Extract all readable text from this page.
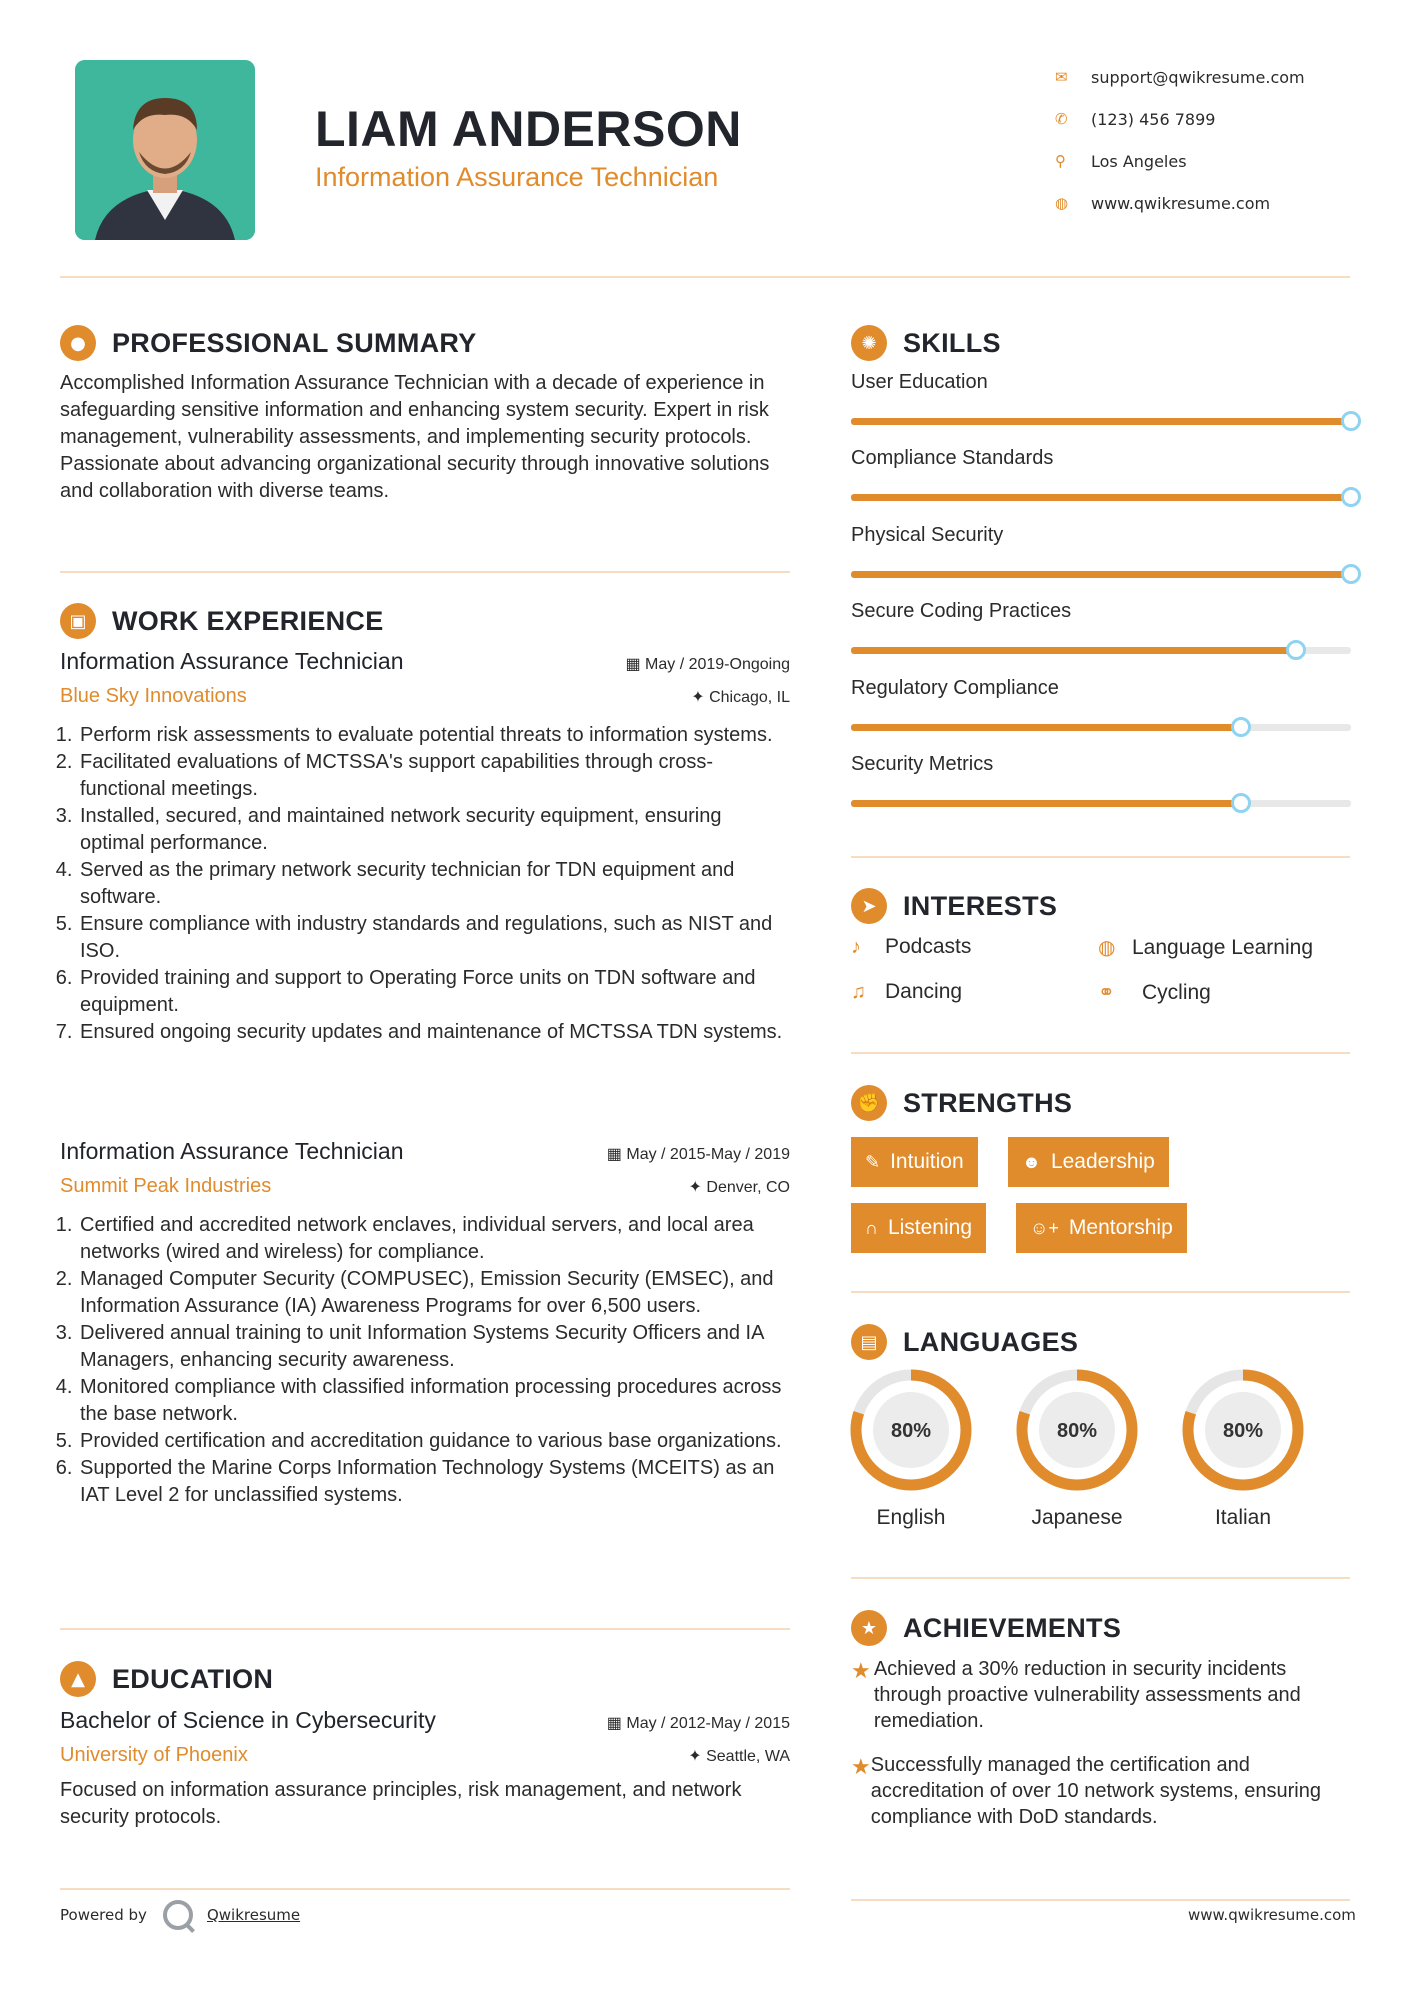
LIAM ANDERSON
Information Assurance Technician
✉	support@qwikresume.com
✆	(123) 456 7899
⚲	Los Angeles
◍	www.qwikresume.com
● PROFESSIONAL SUMMARY
Accomplished Information Assurance Technician with a decade of experience in safeguarding sensitive information and enhancing system security. Expert in risk management, vulnerability assessments, and implementing security protocols. Passionate about advancing organizational security through innovative solutions and collaboration with diverse teams.
▣ WORK EXPERIENCE
Information Assurance Technician	▦ May / 2019-Ongoing
Blue Sky Innovations	✦ Chicago, IL
1. Perform risk assessments to evaluate potential threats to information systems.
2. Facilitated evaluations of MCTSSA's support capabilities through cross-functional meetings.
3. Installed, secured, and maintained network security equipment, ensuring optimal performance.
4. Served as the primary network security technician for TDN equipment and software.
5. Ensure compliance with industry standards and regulations, such as NIST and ISO.
6. Provided training and support to Operating Force units on TDN software and equipment.
7. Ensured ongoing security updates and maintenance of MCTSSA TDN systems.
Information Assurance Technician	▦ May / 2015-May / 2019
Summit Peak Industries	✦ Denver, CO
1. Certified and accredited network enclaves, individual servers, and local area networks (wired and wireless) for compliance.
2. Managed Computer Security (COMPUSEC), Emission Security (EMSEC), and Information Assurance (IA) Awareness Programs for over 6,500 users.
3. Delivered annual training to unit Information Systems Security Officers and IA Managers, enhancing security awareness.
4. Monitored compliance with classified information processing procedures across the base network.
5. Provided certification and accreditation guidance to various base organizations.
6. Supported the Marine Corps Information Technology Systems (MCEITS) as an IAT Level 2 for unclassified systems.
▲	EDUCATION
Bachelor of Science in Cybersecurity	▦ May / 2012-May / 2015
University of Phoenix	✦ Seattle, WA
Focused on information assurance principles, risk management, and network security protocols.
✺ SKILLS
User Education
Compliance Standards
Physical Security
Secure Coding Practices
Regulatory Compliance
Security Metrics
➤ INTERESTS
♪	Podcasts	◍ Language Learning
♫ Dancing	⚭	Cycling
✊ STRENGTHS
✎ Intuition	☻ Leadership
∩ Listening	☺+ Mentorship
▤ LANGUAGES
80%
English
80%
Japanese
80%
Italian
★ ACHIEVEMENTS
★ Achieved a 30% reduction in security incidents through proactive vulnerability assessments and remediation.
★ Successfully managed the certification and accreditation of over 10 network systems, ensuring compliance with DoD standards.
Powered by	Qwikresume	www.qwikresume.com
